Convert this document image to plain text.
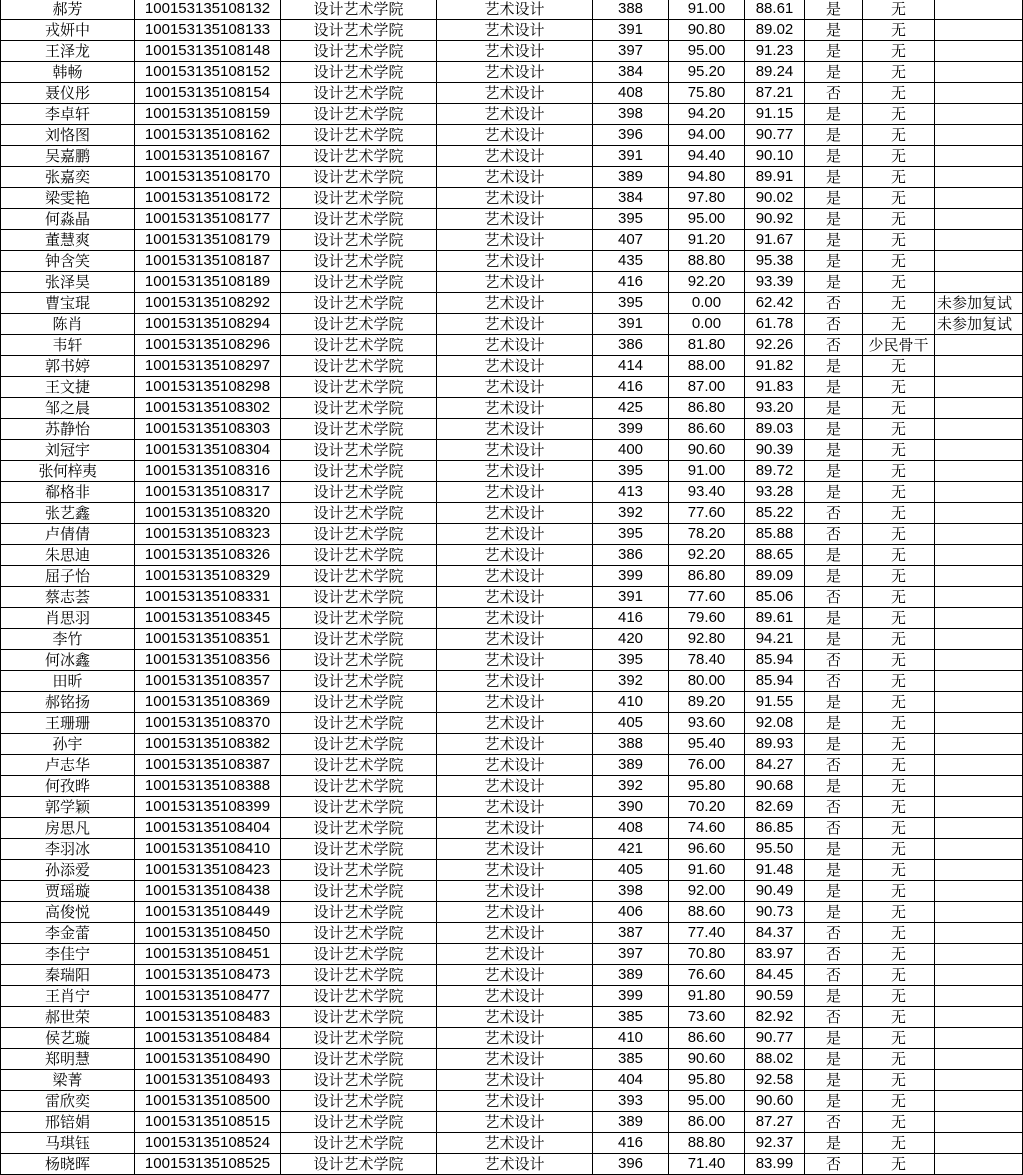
郝芳	100153135108132	设计艺术学院	艺术设计	388	91.00	88.61	是	无	
戎妍中	100153135108133	设计艺术学院	艺术设计	391	90.80	89.02	是	无	
王泽龙	100153135108148	设计艺术学院	艺术设计	397	95.00	91.23	是	无	
韩畅	100153135108152	设计艺术学院	艺术设计	384	95.20	89.24	是	无	
聂仪彤	100153135108154	设计艺术学院	艺术设计	408	75.80	87.21	否	无	
李卓轩	100153135108159	设计艺术学院	艺术设计	398	94.20	91.15	是	无	
刘恪图	100153135108162	设计艺术学院	艺术设计	396	94.00	90.77	是	无	
吴嘉鹏	100153135108167	设计艺术学院	艺术设计	391	94.40	90.10	是	无	
张嘉奕	100153135108170	设计艺术学院	艺术设计	389	94.80	89.91	是	无	
梁雯艳	100153135108172	设计艺术学院	艺术设计	384	97.80	90.02	是	无	
何淼晶	100153135108177	设计艺术学院	艺术设计	395	95.00	90.92	是	无	
董慧爽	100153135108179	设计艺术学院	艺术设计	407	91.20	91.67	是	无	
钟含笑	100153135108187	设计艺术学院	艺术设计	435	88.80	95.38	是	无	
张泽昊	100153135108189	设计艺术学院	艺术设计	416	92.20	93.39	是	无	
曹宝琨	100153135108292	设计艺术学院	艺术设计	395	0.00	62.42	否	无	未参加复试
陈肖	100153135108294	设计艺术学院	艺术设计	391	0.00	61.78	否	无	未参加复试
韦轩	100153135108296	设计艺术学院	艺术设计	386	81.80	92.26	否	少民骨干	
郭书婷	100153135108297	设计艺术学院	艺术设计	414	88.00	91.82	是	无	
王文捷	100153135108298	设计艺术学院	艺术设计	416	87.00	91.83	是	无	
邹之晨	100153135108302	设计艺术学院	艺术设计	425	86.80	93.20	是	无	
苏静怡	100153135108303	设计艺术学院	艺术设计	399	86.60	89.03	是	无	
刘冠宇	100153135108304	设计艺术学院	艺术设计	400	90.60	90.39	是	无	
张何梓夷	100153135108316	设计艺术学院	艺术设计	395	91.00	89.72	是	无	
郗格非	100153135108317	设计艺术学院	艺术设计	413	93.40	93.28	是	无	
张艺鑫	100153135108320	设计艺术学院	艺术设计	392	77.60	85.22	否	无	
卢倩倩	100153135108323	设计艺术学院	艺术设计	395	78.20	85.88	否	无	
朱思迪	100153135108326	设计艺术学院	艺术设计	386	92.20	88.65	是	无	
屈子怡	100153135108329	设计艺术学院	艺术设计	399	86.80	89.09	是	无	
蔡志荟	100153135108331	设计艺术学院	艺术设计	391	77.60	85.06	否	无	
肖思羽	100153135108345	设计艺术学院	艺术设计	416	79.60	89.61	是	无	
李竹	100153135108351	设计艺术学院	艺术设计	420	92.80	94.21	是	无	
何冰鑫	100153135108356	设计艺术学院	艺术设计	395	78.40	85.94	否	无	
田昕	100153135108357	设计艺术学院	艺术设计	392	80.00	85.94	否	无	
郝铭扬	100153135108369	设计艺术学院	艺术设计	410	89.20	91.55	是	无	
王珊珊	100153135108370	设计艺术学院	艺术设计	405	93.60	92.08	是	无	
孙宇	100153135108382	设计艺术学院	艺术设计	388	95.40	89.93	是	无	
卢志华	100153135108387	设计艺术学院	艺术设计	389	76.00	84.27	否	无	
何孜晔	100153135108388	设计艺术学院	艺术设计	392	95.80	90.68	是	无	
郭学颖	100153135108399	设计艺术学院	艺术设计	390	70.20	82.69	否	无	
房思凡	100153135108404	设计艺术学院	艺术设计	408	74.60	86.85	否	无	
李羽冰	100153135108410	设计艺术学院	艺术设计	421	96.60	95.50	是	无	
孙添爱	100153135108423	设计艺术学院	艺术设计	405	91.60	91.48	是	无	
贾瑶璇	100153135108438	设计艺术学院	艺术设计	398	92.00	90.49	是	无	
高俊悦	100153135108449	设计艺术学院	艺术设计	406	88.60	90.73	是	无	
李金蕾	100153135108450	设计艺术学院	艺术设计	387	77.40	84.37	否	无	
李佳宁	100153135108451	设计艺术学院	艺术设计	397	70.80	83.97	否	无	
秦瑞阳	100153135108473	设计艺术学院	艺术设计	389	76.60	84.45	否	无	
王肖宁	100153135108477	设计艺术学院	艺术设计	399	91.80	90.59	是	无	
郝世荣	100153135108483	设计艺术学院	艺术设计	385	73.60	82.92	否	无	
侯艺璇	100153135108484	设计艺术学院	艺术设计	410	86.60	90.77	是	无	
郑明慧	100153135108490	设计艺术学院	艺术设计	385	90.60	88.02	是	无	
梁菁	100153135108493	设计艺术学院	艺术设计	404	95.80	92.58	是	无	
雷欣奕	100153135108500	设计艺术学院	艺术设计	393	95.00	90.60	是	无	
邢锫娟	100153135108515	设计艺术学院	艺术设计	389	86.00	87.27	否	无	
马琪钰	100153135108524	设计艺术学院	艺术设计	416	88.80	92.37	是	无	
杨晓晖	100153135108525	设计艺术学院	艺术设计	396	71.40	83.99	否	无	
